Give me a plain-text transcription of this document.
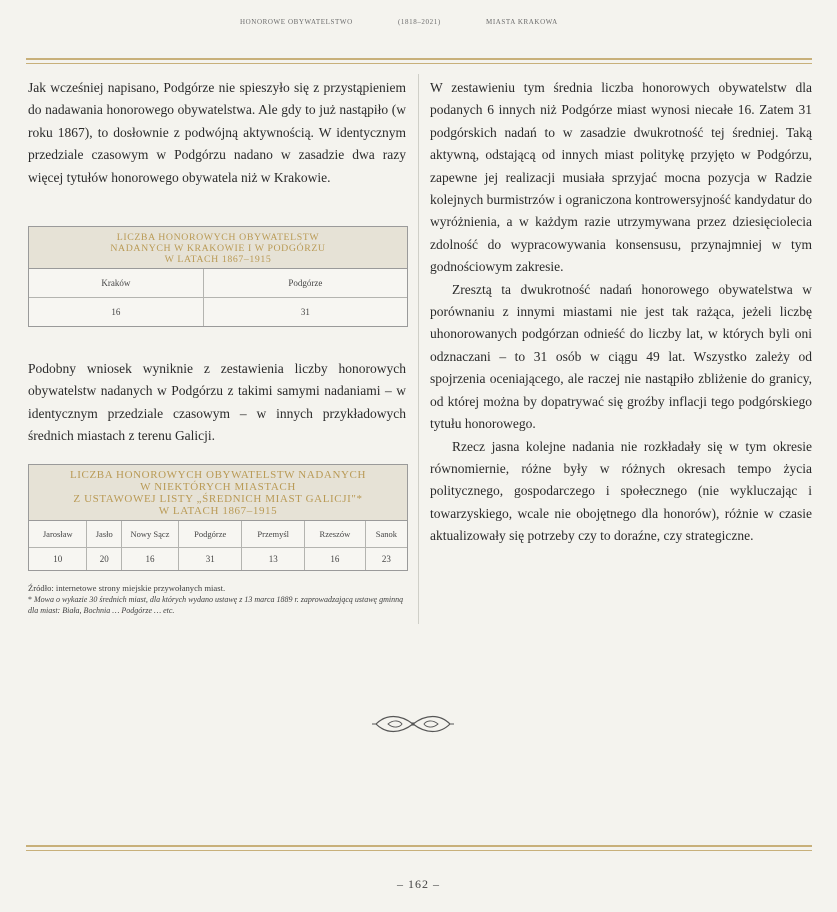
HONOROWE OBYWATELSTWO	(1818–2021)	MIASTA KRAKOWA

Jak wcześniej napisano, Podgórze nie spieszyło się z przystąpieniem do nadawania honorowego obywatelstwa. Ale gdy to już nastąpiło (w roku 1867), to dosłownie z podwójną aktywnością. W identycznym przedziale czasowym w Podgórzu nadano w zasadzie dwa razy więcej tytułów honorowego obywatela niż w Krakowie.

LICZBA HONOROWYCH OBYWATELSTW
NADANYCH W KRAKOWIE I W PODGÓRZU
W LATACH 1867–1915
Kraków	Podgórze
16	31

Podobny wniosek wyniknie z zestawienia liczby honorowych obywatelstw nadanych w Podgórzu z takimi samymi nadaniami – w identycznym przedziale czasowym – w innych przykładowych średnich miastach z terenu Galicji.

LICZBA HONOROWYCH OBYWATELSTW NADANYCH
W NIEKTÓRYCH MIASTACH
Z USTAWOWEJ LISTY „ŚREDNICH MIAST GALICJI"*
W LATACH 1867–1915
Jarosław	Jasło	Nowy Sącz	Podgórze	Przemyśl	Rzeszów	Sanok
10	20	16	31	13	16	23
Źródło: internetowe strony miejskie przywołanych miast.
* Mowa o wykazie 30 średnich miast, dla których wydano ustawę z 13 marca 1889 r. zaprowadzającą ustawę gminną dla miast: Biała, Bochnia … Podgórze … etc.

W zestawieniu tym średnia liczba honorowych obywatelstw dla podanych 6 innych niż Podgórze miast wynosi niecałe 16. Zatem 31 podgórskich nadań to w zasadzie dwukrotność tej średniej. Taką aktywną, odstającą od innych miast politykę przyjęto w Podgórzu, zapewne jej realizacji musiała sprzyjać mocna pozycja w Radzie kolejnych burmistrzów i ograniczona kontrowersyjność kandydatur do wyróżnienia, a w każdym razie utrzymywana przez dziesięciolecia zdolność do wypracowywania konsensusu, przynajmniej w tym godnościowym zakresie.

Zresztą ta dwukrotność nadań honorowego obywatelstwa w porównaniu z innymi miastami nie jest tak rażąca, jeżeli liczbę uhonorowanych podgórzan odnieść do liczby lat, w których byli oni odznaczani – to 31 osób w ciągu 49 lat. Wszystko zależy od spojrzenia oceniającego, ale raczej nie nastąpiło zbliżenie do granicy, od której można by dopatrywać się groźby inflacji tego podgórskiego tytułu honorowego.

Rzecz jasna kolejne nadania nie rozkładały się w tym okresie równomiernie, różne były w różnych okresach tempo życia politycznego, gospodarczego i społecznego (nie wykluczając i towarzyskiego, wcale nie obojętnego dla honorów), różnie w czasie aktualizowały się potrzeby czy to doraźne, czy strategiczne.

– 162 –
